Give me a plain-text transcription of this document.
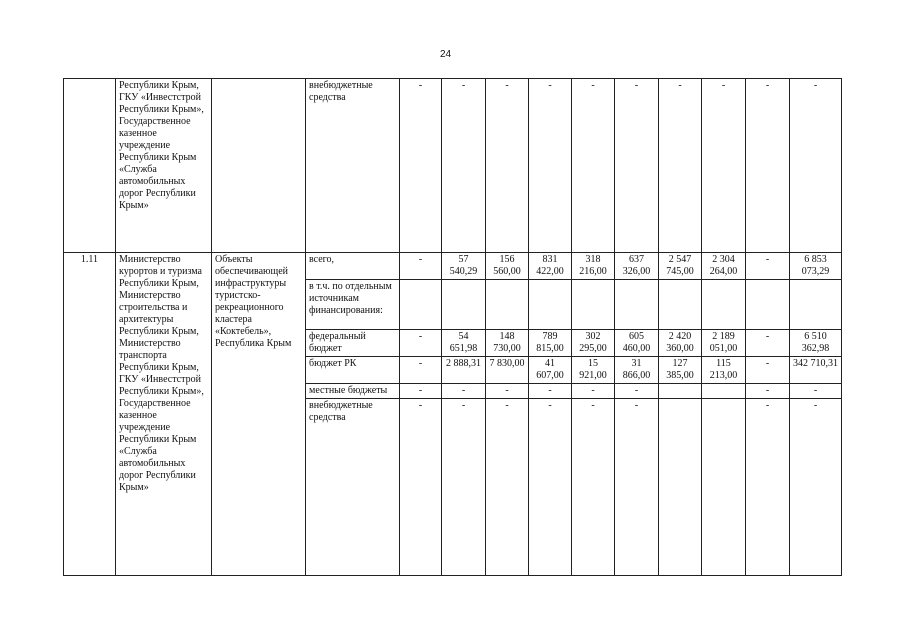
24
	Республики Крым, ГКУ «Инвестстрой Республики Крым», Государственное казенное учреждение Республики Крым «Служба автомобильных дорог Республики Крым»		внебюджетные средства	-	-	-	-	-	-	-	-	-	-
1.11	Министерство курортов и туризма Республики Крым, Министерство строительства и архитектуры Республики Крым, Министерство транспорта Республики Крым, ГКУ «Инвестстрой Республики Крым», Государственное казенное учреждение Республики Крым «Служба автомобильных дорог Республики Крым»	Объекты обеспечивающей инфраструктуры туристско-рекреационного кластера «Коктебель», Республика Крым	всего,	-	57 540,29	156 560,00	831 422,00	318 216,00	637 326,00	2 547 745,00	2 304 264,00	-	6 853 073,29
			в т.ч. по отдельным источникам финансирования:										
			федеральный бюджет	-	54 651,98	148 730,00	789 815,00	302 295,00	605 460,00	2 420 360,00	2 189 051,00	-	6 510 362,98
			бюджет РК	-	2 888,31	7 830,00	41 607,00	15 921,00	31 866,00	127 385,00	115 213,00	-	342 710,31
			местные бюджеты	-	-	-	-	-	-			-	-
			внебюджетные средства	-	-	-	-	-	-			-	-
